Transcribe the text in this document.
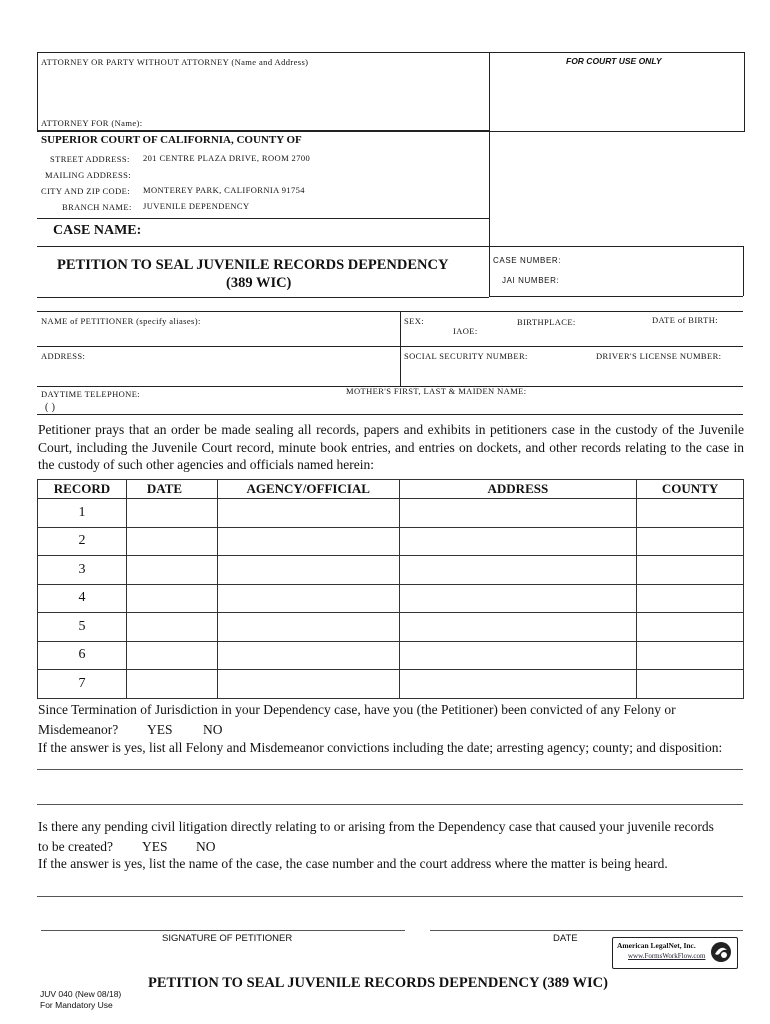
ATTORNEY OR PARTY WITHOUT ATTORNEY (Name and Address)	FOR COURT USE ONLY
ATTORNEY FOR (Name):
SUPERIOR COURT OF CALIFORNIA, COUNTY OF
STREET ADDRESS: 201 CENTRE PLAZA DRIVE, ROOM 2700
MAILING ADDRESS:
CITY AND ZIP CODE: MONTEREY PARK, CALIFORNIA 91754
BRANCH NAME: JUVENILE DEPENDENCY
CASE NAME:
PETITION TO SEAL JUVENILE RECORDS DEPENDENCY
(389 WIC)
CASE NUMBER:
JAI NUMBER:
NAME of PETITIONER (specify aliases):	SEX:	BIRTHPLACE:	DATE of BIRTH:
IAOE:
ADDRESS:	SOCIAL SECURITY NUMBER:	DRIVER'S LICENSE NUMBER:
DAYTIME TELEPHONE:
( )
MOTHER'S FIRST, LAST & MAIDEN NAME:
Petitioner prays that an order be made sealing all records, papers and exhibits in petitioners case in the custody of the Juvenile Court, including the Juvenile Court record, minute book entries, and entries on dockets, and other records relating to the case in the custody of such other agencies and officials named herein:
RECORD	DATE	AGENCY/OFFICIAL	ADDRESS	COUNTY
1				
2				
3				
4				
5				
6				
7				
Since Termination of Jurisdiction in your Dependency case, have you (the Petitioner) been convicted of any Felony or
Misdemeanor? YES NO
If the answer is yes, list all Felony and Misdemeanor convictions including the date; arresting agency; county; and disposition:
Is there any pending civil litigation directly relating to or arising from the Dependency case that caused your juvenile records
to be created? YES NO
If the answer is yes, list the name of the case, the case number and the court address where the matter is being heard.
SIGNATURE OF PETITIONER	DATE
American LegalNet, Inc.
www.FormsWorkFlow.com
JUV 040 (New 08/18)
For Mandatory Use
PETITION TO SEAL JUVENILE RECORDS DEPENDENCY (389 WIC)
